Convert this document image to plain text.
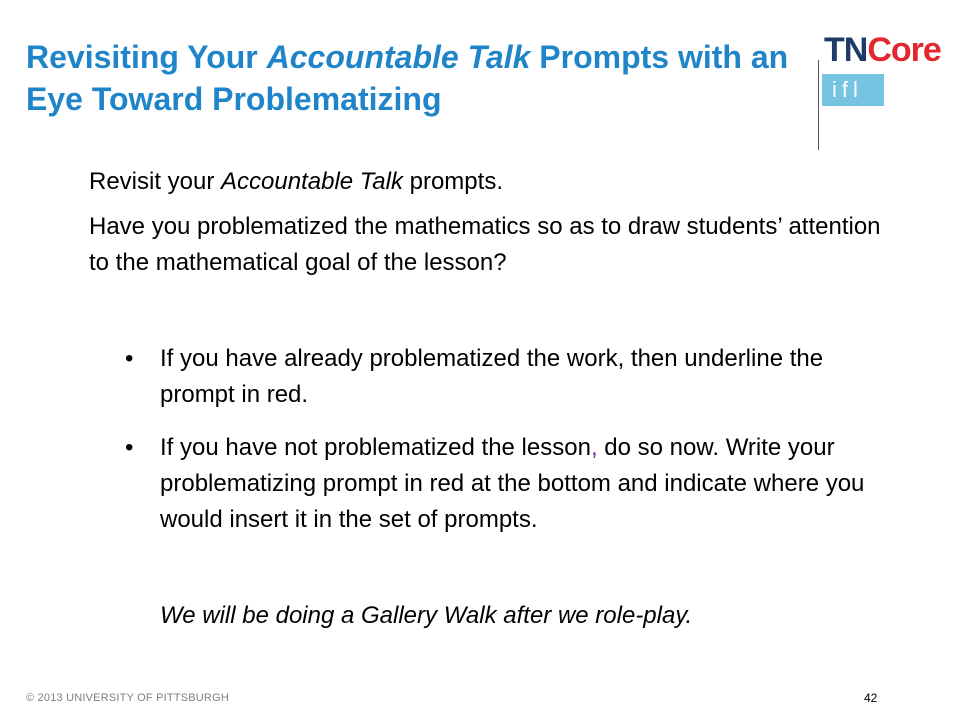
Revisiting Your Accountable Talk Prompts with an Eye Toward Problematizing
TNCore
ifl

Revisit your Accountable Talk prompts.

Have you problematized the mathematics so as to draw students’ attention to the mathematical goal of the lesson?

•	If you have already problematized the work, then underline the prompt in red.
•	If you have not problematized the lesson, do so now. Write your problematizing prompt in red at the bottom and indicate where you would insert it in the set of prompts.
We will be doing a Gallery Walk after we role-play.
© 2013 UNIVERSITY OF PITTSBURGH	42
